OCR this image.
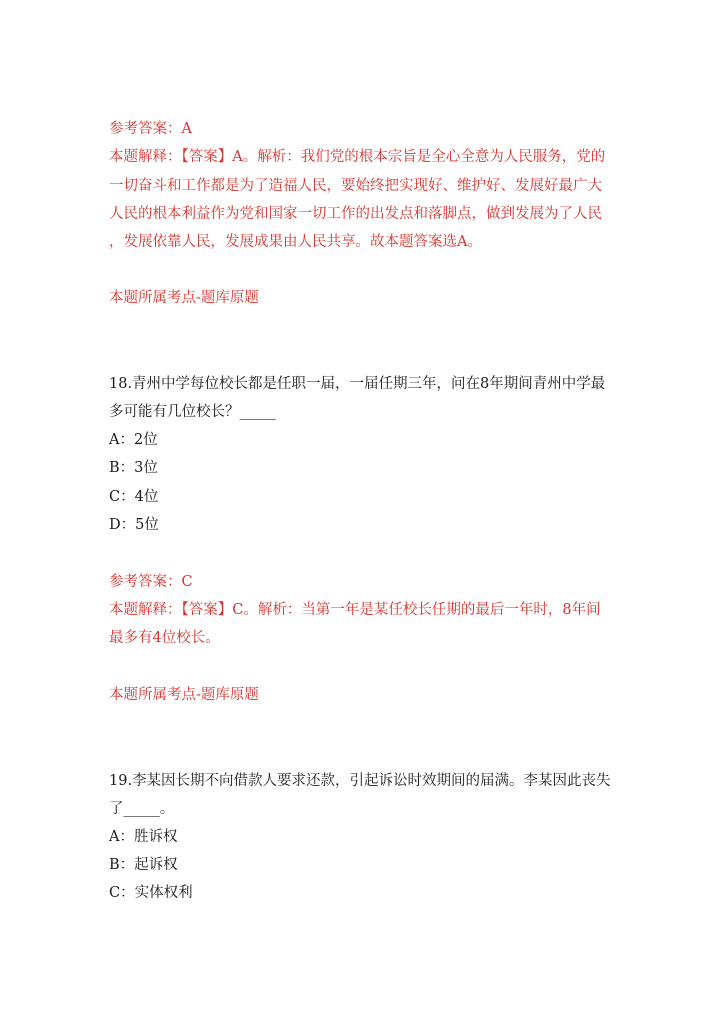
参考答案：A
本题解释：【答案】A。解析：我们党的根本宗旨是全心全意为人民服务，党的
一切奋斗和工作都是为了造福人民，要始终把实现好、维护好、发展好最广大
人民的根本利益作为党和国家一切工作的出发点和落脚点，做到发展为了人民
，发展依靠人民，发展成果由人民共享。故本题答案选A。
本题所属考点-题库原题
18.青州中学每位校长都是任职一届，一届任期三年，问在8年期间青州中学最
多可能有几位校长？_____
A：2位
B：3位
C：4位
D：5位
参考答案：C
本题解释：【答案】C。解析：当第一年是某任校长任期的最后一年时，8年间
最多有4位校长。
本题所属考点-题库原题
19.李某因长期不向借款人要求还款，引起诉讼时效期间的届满。李某因此丧失
了_____。
A：胜诉权
B：起诉权
C：实体权利
